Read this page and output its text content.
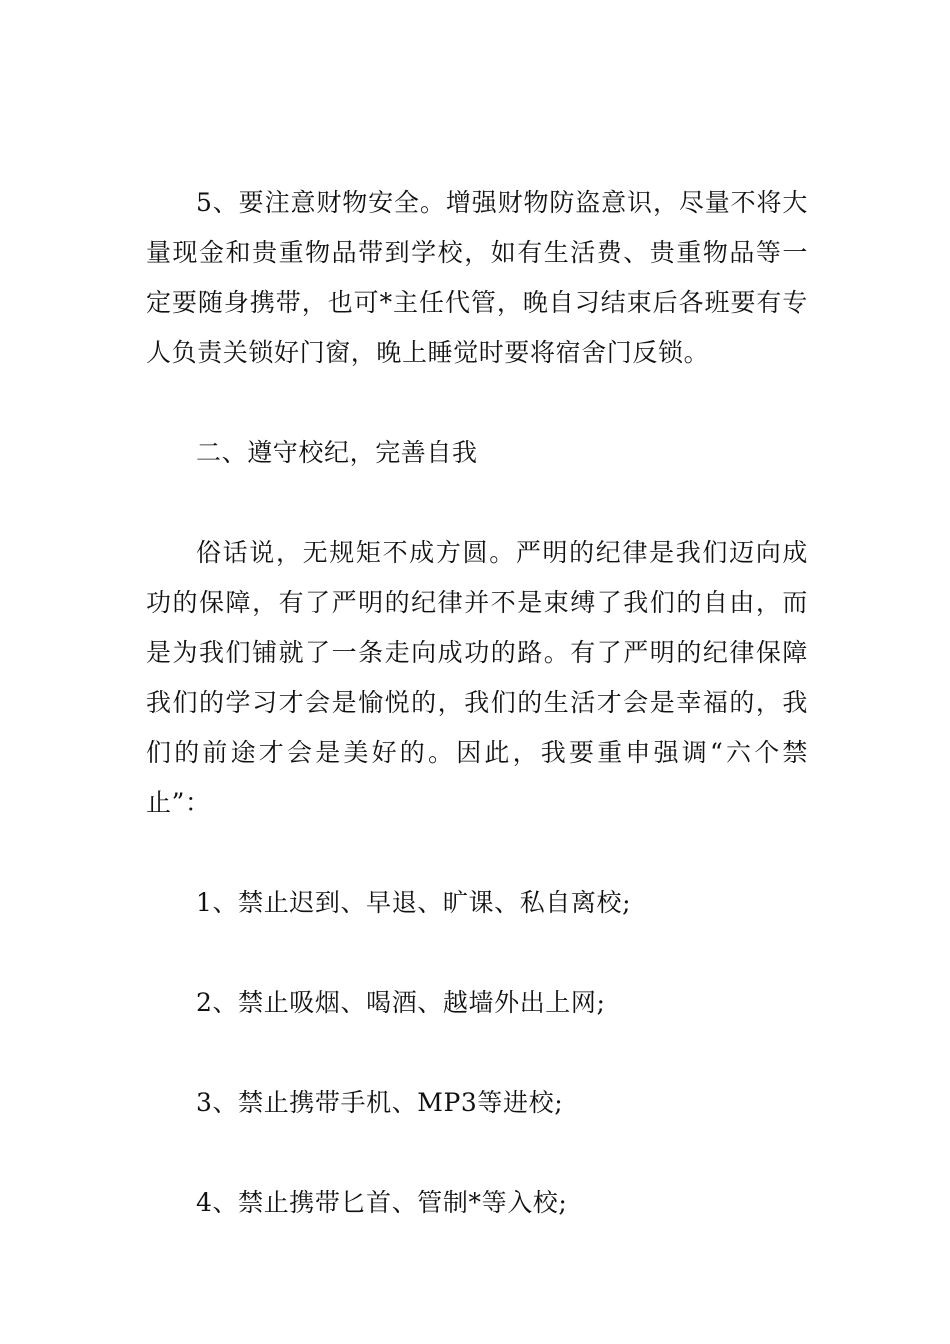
5、要注意财物安全。增强财物防盗意识，尽量不将大量现金和贵重物品带到学校，如有生活费、贵重物品等一定要随身携带，也可*主任代管，晚自习结束后各班要有专人负责关锁好门窗，晚上睡觉时要将宿舍门反锁。

二、遵守校纪，完善自我

俗话说，无规矩不成方圆。严明的纪律是我们迈向成功的保障，有了严明的纪律并不是束缚了我们的自由，而是为我们铺就了一条走向成功的路。有了严明的纪律保障我们的学习才会是愉悦的，我们的生活才会是幸福的，我们的前途才会是美好的。因此，我要重申强调“六个禁止”：

1、禁止迟到、早退、旷课、私自离校;

2、禁止吸烟、喝酒、越墙外出上网;

3、禁止携带手机、MP3等进校;

4、禁止携带匕首、管制*等入校;
